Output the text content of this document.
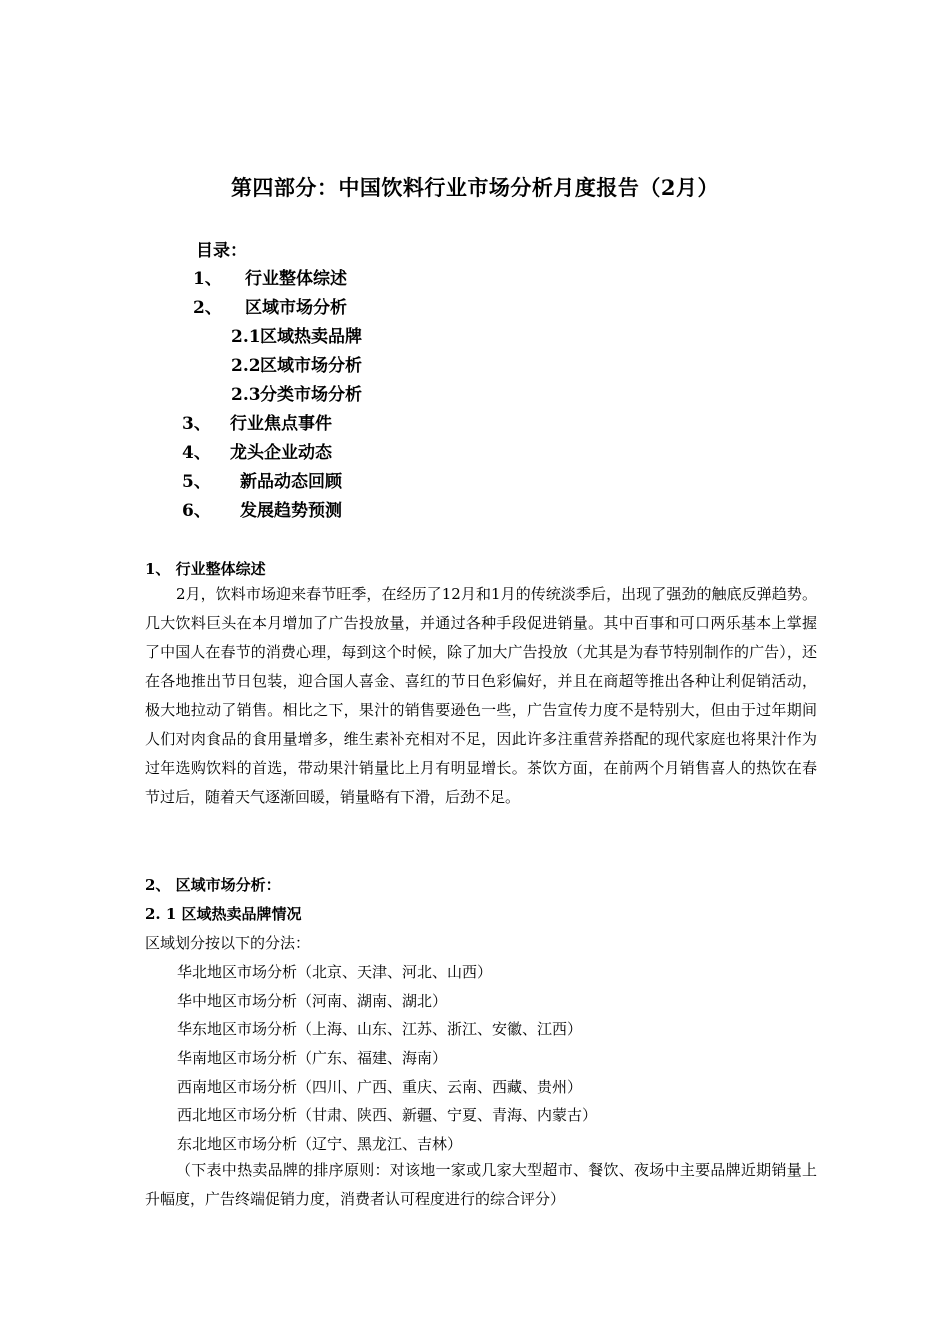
第四部分：中国饮料行业市场分析月度报告（2月）
目录：
1、 行业整体综述
2、 区域市场分析
2.1区域热卖品牌
2.2区域市场分析
2.3分类市场分析
3、 行业焦点事件
4、 龙头企业动态
5、 新品动态回顾
6、 发展趋势预测
1、 行业整体综述
2月，饮料市场迎来春节旺季，在经历了12月和1月的传统淡季后，出现了强劲的触底反弹趋势。几大饮料巨头在本月增加了广告投放量，并通过各种手段促进销量。其中百事和可口两乐基本上掌握了中国人在春节的消费心理，每到这个时候，除了加大广告投放（尤其是为春节特别制作的广告），还在各地推出节日包装，迎合国人喜金、喜红的节日色彩偏好，并且在商超等推出各种让利促销活动，极大地拉动了销售。相比之下，果汁的销售要逊色一些，广告宣传力度不是特别大，但由于过年期间人们对肉食品的食用量增多，维生素补充相对不足，因此许多注重营养搭配的现代家庭也将果汁作为过年选购饮料的首选，带动果汁销量比上月有明显增长。茶饮方面，在前两个月销售喜人的热饮在春节过后，随着天气逐渐回暖，销量略有下滑，后劲不足。
2、 区域市场分析：
2. 1 区域热卖品牌情况
区域划分按以下的分法：
华北地区市场分析（北京、天津、河北、山西）
华中地区市场分析（河南、湖南、湖北）
华东地区市场分析（上海、山东、江苏、浙江、安徽、江西）
华南地区市场分析（广东、福建、海南）
西南地区市场分析（四川、广西、重庆、云南、西藏、贵州）
西北地区市场分析（甘肃、陕西、新疆、宁夏、青海、内蒙古）
东北地区市场分析（辽宁、黑龙江、吉林）
（下表中热卖品牌的排序原则：对该地一家或几家大型超市、餐饮、夜场中主要品牌近期销量上升幅度，广告终端促销力度，消费者认可程度进行的综合评分）
